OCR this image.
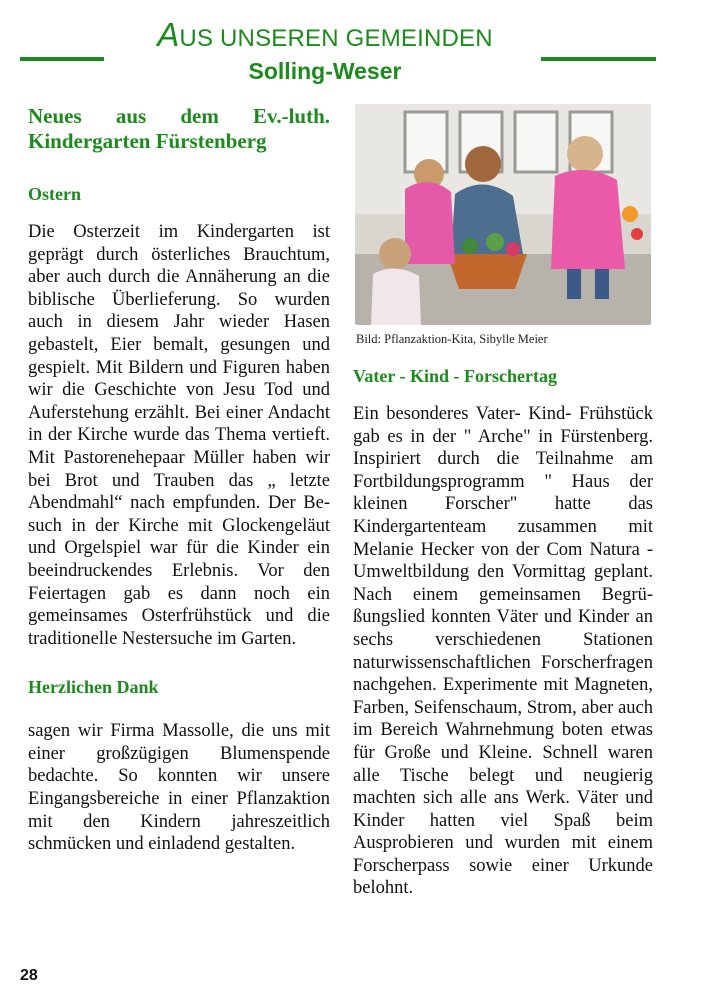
AUS UNSEREN GEMEINDEN
Solling-Weser
Neues aus dem Ev.-luth. Kindergarten Fürstenberg
Ostern

Die Osterzeit im Kindergarten ist geprägt durch österliches Brauchtum, aber auch durch die Annäherung an die biblische Überlieferung. So wurden auch in diesem Jahr wieder Hasen gebastelt, Eier bemalt, gesungen und gespielt. Mit Bildern und Figuren haben wir die Geschichte von Jesu Tod und Auferstehung erzählt. Bei einer Andacht in der Kirche wurde das Thema vertieft. Mit Pastorenehepaar Müller haben wir bei Brot und Trauben das „ letzte Abendmahl“ nach empfunden. Der Besuch in der Kirche mit Glockengeläut und Orgelspiel war für die Kinder ein beeindruckendes Erlebnis. Vor den Feiertagen gab es dann noch ein gemeinsames Osterfrühstück und die traditionelle Nestersuche im Garten.

Herzlichen Dank

sagen wir Firma Massolle, die uns mit einer großzügigen Blumenspende bedachte. So konnten wir unsere Eingangsbereiche in einer Pflanzaktion mit den Kindern jahreszeitlich schmücken und einladend gestalten.

Bild: Pflanzaktion-Kita, Sibylle Meier

Vater - Kind - Forschertag

Ein besonderes Vater- Kind- Frühstück gab es in der " Arche" in Fürstenberg. Inspiriert durch die Teilnahme am Fortbildungsprogramm " Haus der kleinen Forscher" hatte das Kindergartenteam zusammen mit Melanie Hecker von der Com Natura - Umweltbildung den Vormittag geplant. Nach einem gemeinsamen Begrüßungslied konnten Väter und Kinder an sechs verschiedenen Stationen naturwissenschaftlichen Forscherfragen nachgehen. Experimente mit Magneten, Farben, Seifenschaum, Strom, aber auch im Bereich Wahrnehmung boten etwas für Große und Kleine. Schnell waren alle Tische belegt und neugierig machten sich alle ans Werk. Väter und Kinder hatten viel Spaß beim Ausprobieren und wurden mit einem Forscherpass sowie einer Urkunde belohnt.

28
